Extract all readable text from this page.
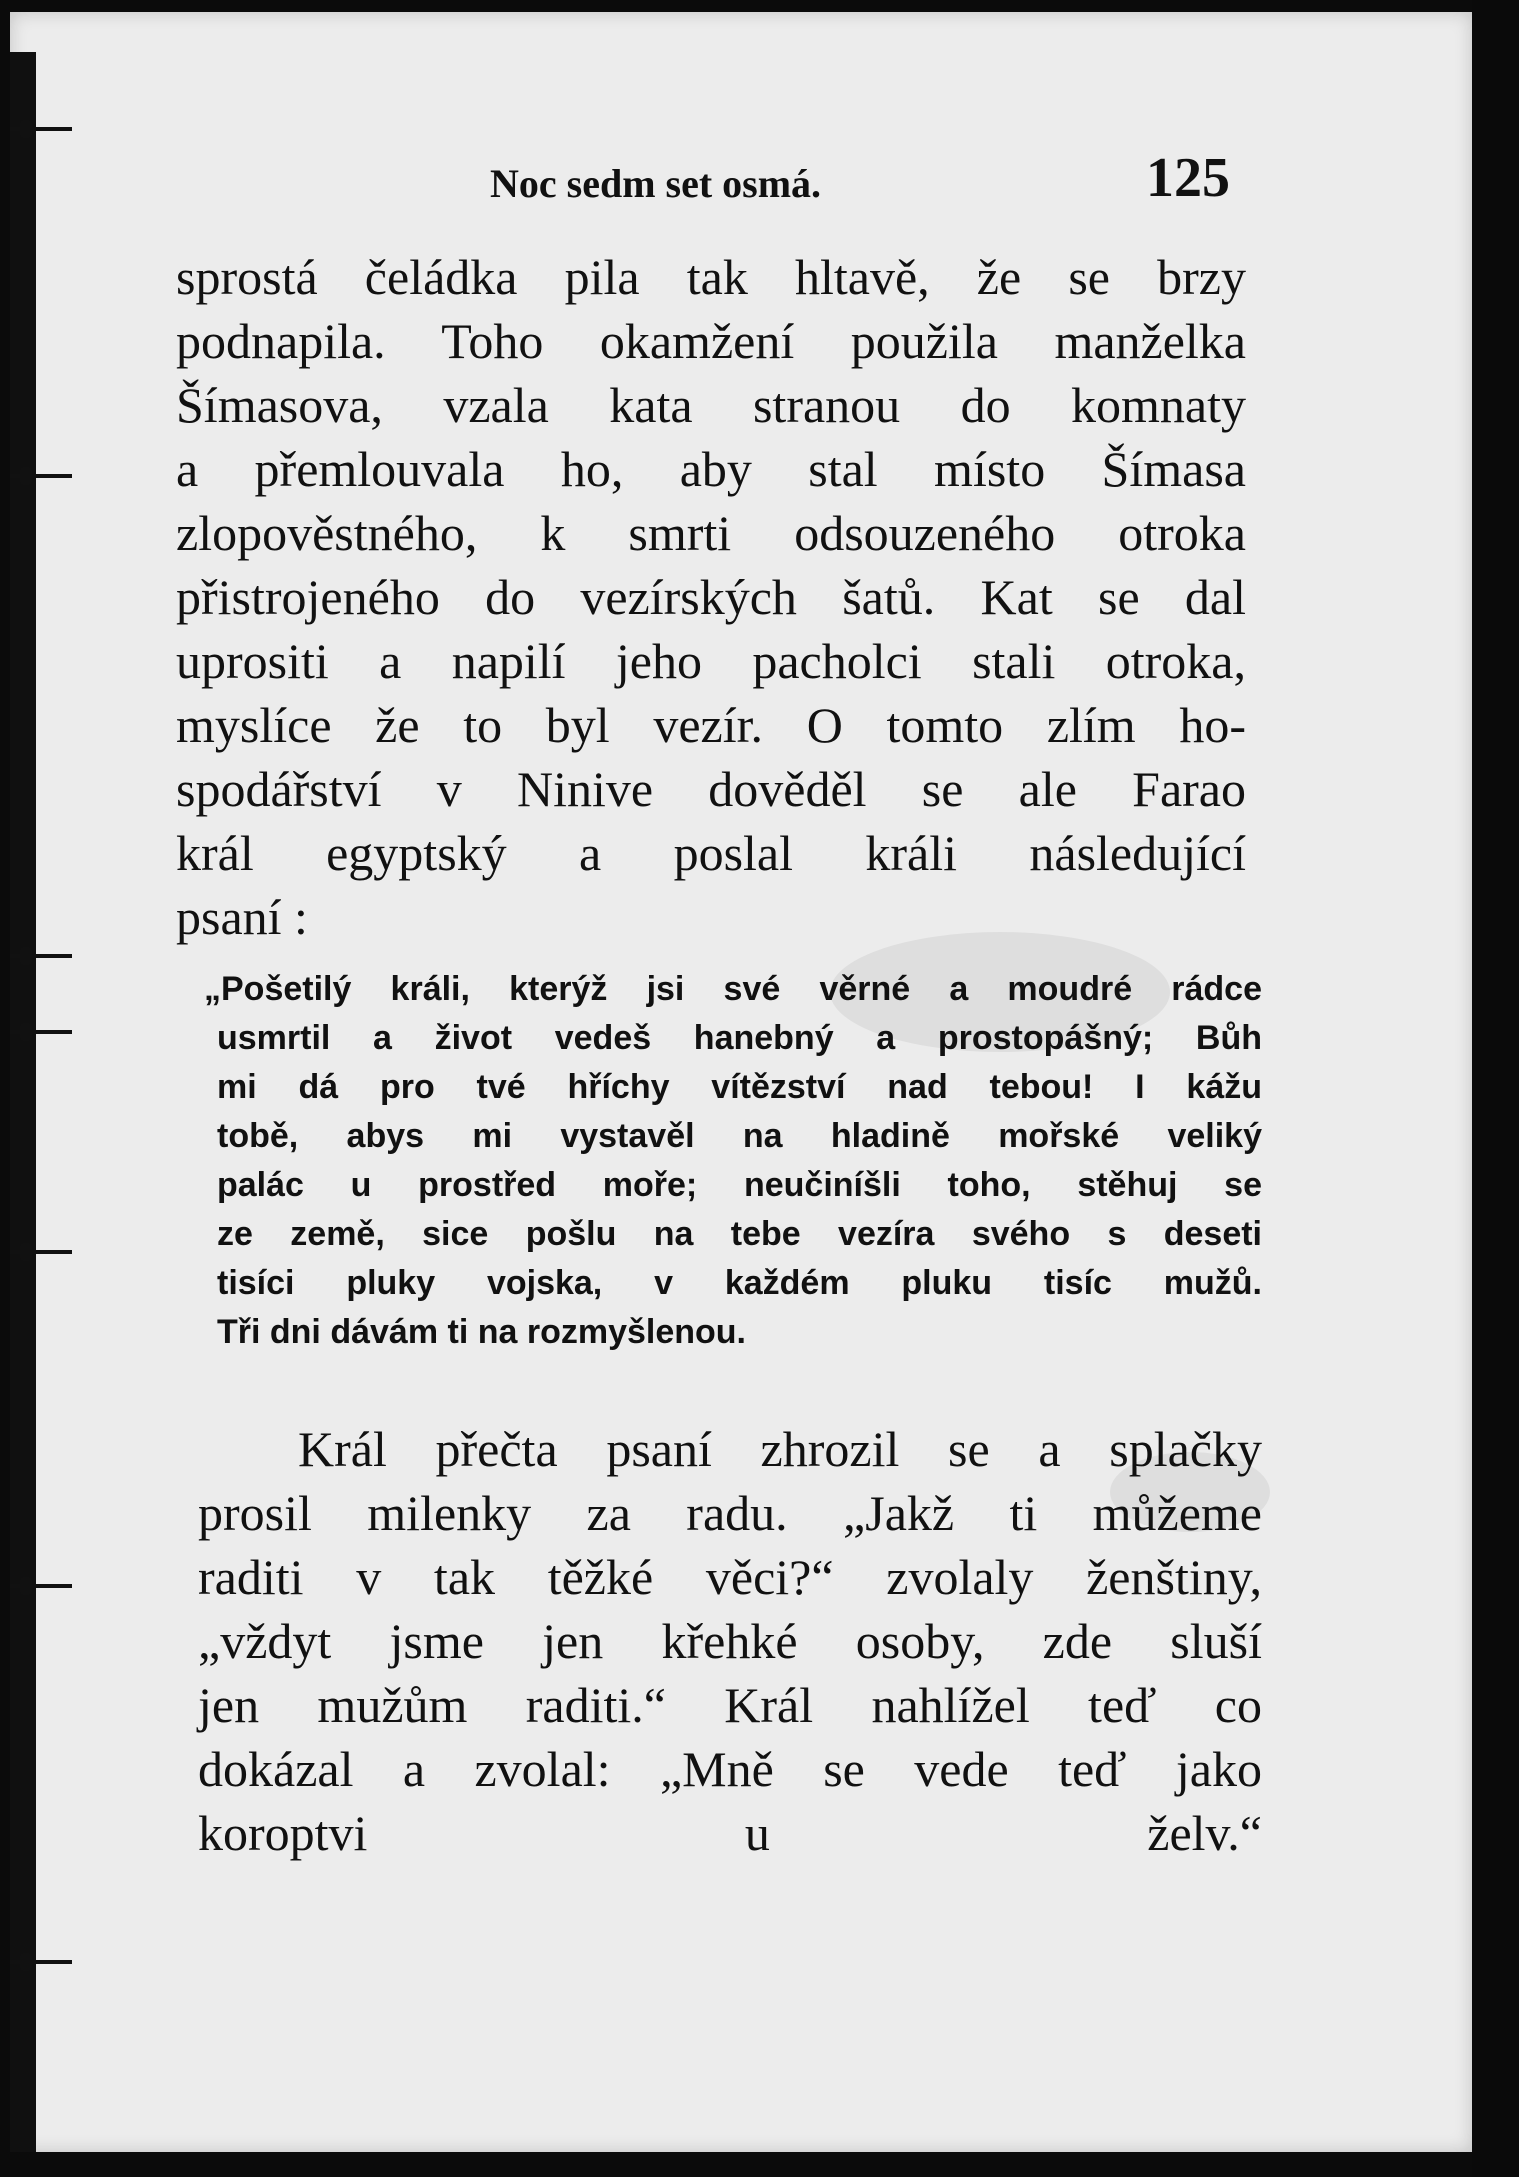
Noc sedm set osmá.	125
sprostá čeládka pila tak hltavě, že se brzy
podnapila. Toho okamžení použila manželka
Šímasova, vzala kata stranou do komnaty
a přemlouvala ho, aby stal místo Šímasa
zlopověstného, k smrti odsouzeného otroka
přistrojeného do vezírských šatů. Kat se dal
uprositi a napilí jeho pacholci stali otroka,
myslíce že to byl vezír. O tomto zlím ho-
spodářství v Ninive dověděl se ale Farao
král egyptský a poslal králi následující
psaní :
„Pošetilý králi, kterýž jsi své věrné a moudré rádce
usmrtil a život vedeš hanebný a prostopášný; Bůh
mi dá pro tvé hříchy vítězství nad tebou! I kážu
tobě, abys mi vystavěl na hladině mořské veliký
palác u prostřed moře; neučiníšli toho, stěhuj se
ze země, sice pošlu na tebe vezíra svého s deseti
tisíci pluky vojska, v každém pluku tisíc mužů.
Tři dni dávám ti na rozmyšlenou.
Král přečta psaní zhrozil se a splačky
prosil milenky za radu. „Jakž ti můžeme
raditi v tak těžké věci?“ zvolaly ženštiny,
„vždyt jsme jen křehké osoby, zde sluší
jen mužům raditi.“ Král nahlížel teď co
dokázal a zvolal: „Mně se vede teď jako
koroptvi u želv.“
